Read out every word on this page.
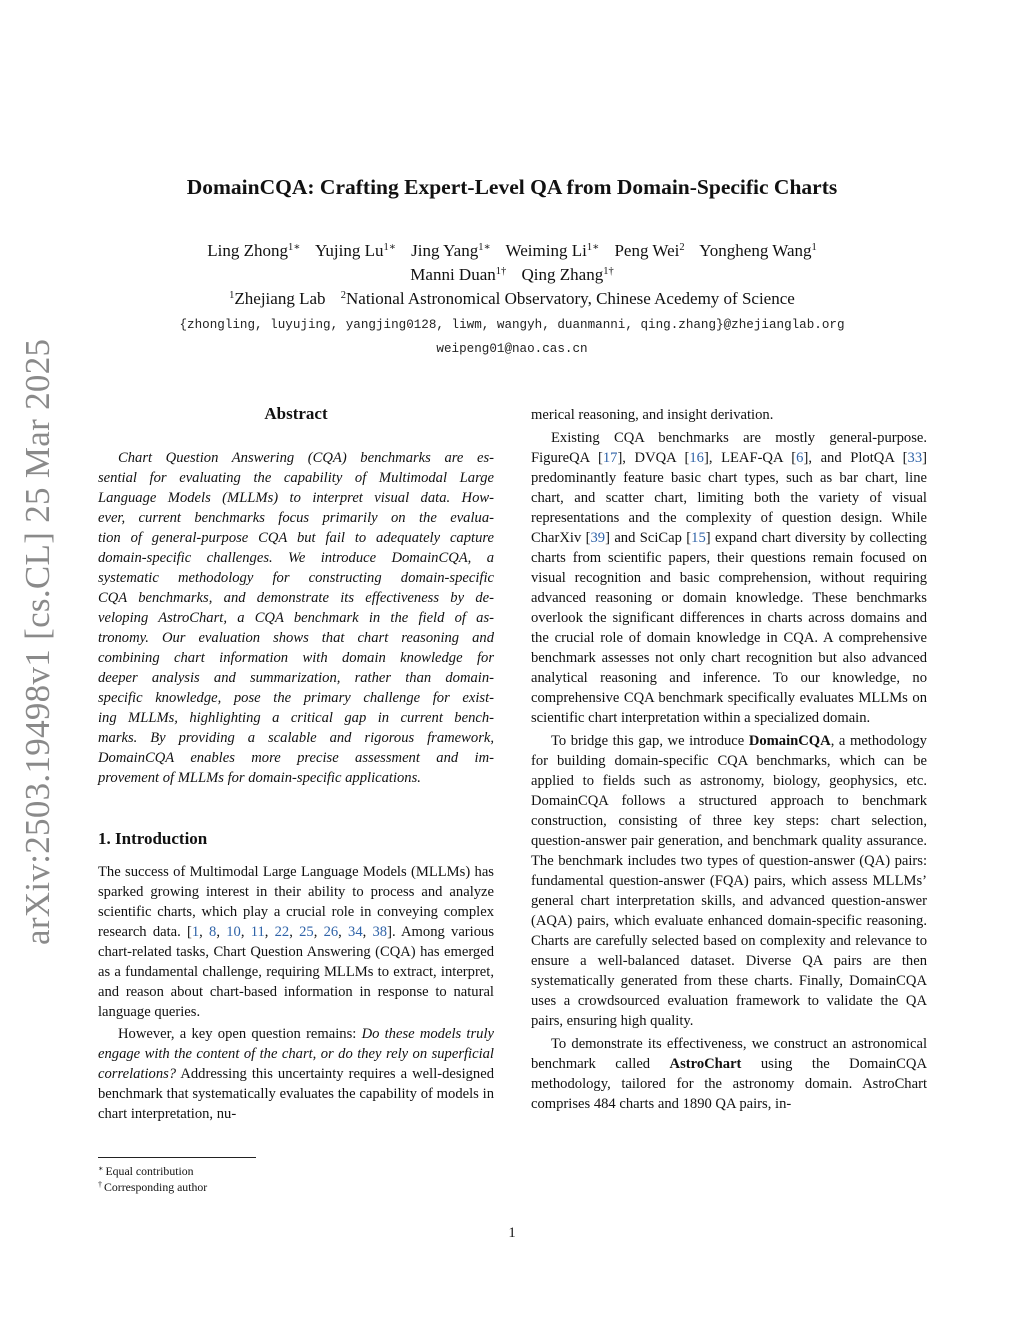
arXiv:2503.19498v1 [cs.CL] 25 Mar 2025
DomainCQA: Crafting Expert-Level QA from Domain-Specific Charts
Ling Zhong$^{1∗}$ Yujing $Lu^{1∗}$ Jing Yang$^{1∗}$ Weiming $Li^{1∗}$ Peng Wei$^2$ Yongheng Wang$^1$
Manni Duan$^{1\dagger}$ Qing Zhang$^{1\dagger}$
$^1$Zhejiang Lab $^2$National Astronomical Observatory, Chinese Acedemy of Science
{zhongling, luyujing, yangjing0128, liwm, wangyh, duanmanni, qing.zhang}@zhejianglab.org
weipeng01@nao.cas.cn
Abstract
Chart Question Answering (CQA) benchmarks are es-
sential for evaluating the capability of Multimodal Large
Language Models (MLLMs) to interpret visual data. How-
ever, current benchmarks focus primarily on the evalua-
tion of general-purpose CQA but fail to adequately capture
domain-specific challenges. We introduce DomainCQA, a
systematic methodology for constructing domain-specific
CQA benchmarks, and demonstrate its effectiveness by de-
veloping AstroChart, a CQA benchmark in the field of as-
tronomy. Our evaluation shows that chart reasoning and
combining chart information with domain knowledge for
deeper analysis and summarization, rather than domain-
specific knowledge, pose the primary challenge for exist-
ing MLLMs, highlighting a critical gap in current bench-
marks. By providing a scalable and rigorous framework,
DomainCQA enables more precise assessment and im-
provement of MLLMs for domain-specific applications.
1. Introduction

The success of Multimodal Large Language Models (MLLMs) has sparked growing interest in their ability to process and analyze scientific charts, which play a crucial role in conveying complex research data. [1, 8, 10, 11, 22, 25, 26, 34, 38]. Among various chart-related tasks, Chart Question Answering (CQA) has emerged as a fundamental challenge, requiring MLLMs to extract, interpret, and reason about chart-based information in response to natural language queries.

However, a key open question remains: Do these models truly engage with the content of the chart, or do they rely on superficial correlations? Addressing this uncertainty requires a well-designed benchmark that systematically evaluates the capability of models in chart interpretation, nu-

merical reasoning, and insight derivation.

Existing CQA benchmarks are mostly general-purpose. FigureQA [17], DVQA [16], LEAF-QA [6], and PlotQA [33] predominantly feature basic chart types, such as bar chart, line chart, and scatter chart, limiting both the variety of visual representations and the complexity of question design. While CharXiv [39] and SciCap [15] expand chart diversity by collecting charts from scientific papers, their questions remain focused on visual recognition and basic comprehension, without requiring advanced reasoning or domain knowledge. These benchmarks overlook the significant differences in charts across domains and the crucial role of domain knowledge in CQA. A comprehensive benchmark assesses not only chart recognition but also advanced analytical reasoning and inference. To our knowledge, no comprehensive CQA benchmark specifically evaluates MLLMs on scientific chart interpretation within a specialized domain.

To bridge this gap, we introduce DomainCQA, a methodology for building domain-specific CQA benchmarks, which can be applied to fields such as astronomy, biology, geophysics, etc. DomainCQA follows a structured approach to benchmark construction, consisting of three key steps: chart selection, question-answer pair generation, and benchmark quality assurance. The benchmark includes two types of question-answer (QA) pairs: fundamental question-answer (FQA) pairs, which assess MLLMs’ general chart interpretation skills, and advanced question-answer (AQA) pairs, which evaluate enhanced domain-specific reasoning. Charts are carefully selected based on complexity and relevance to ensure a well-balanced dataset. Diverse QA pairs are then systematically generated from these charts. Finally, DomainCQA uses a crowdsourced evaluation framework to validate the QA pairs, ensuring high quality.

To demonstrate its effectiveness, we construct an astronomical benchmark called AstroChart using the DomainCQA methodology, tailored for the astronomy domain. AstroChart comprises 484 charts and 1890 QA pairs, in-

∗ Equal contribution
† Corresponding author
1
